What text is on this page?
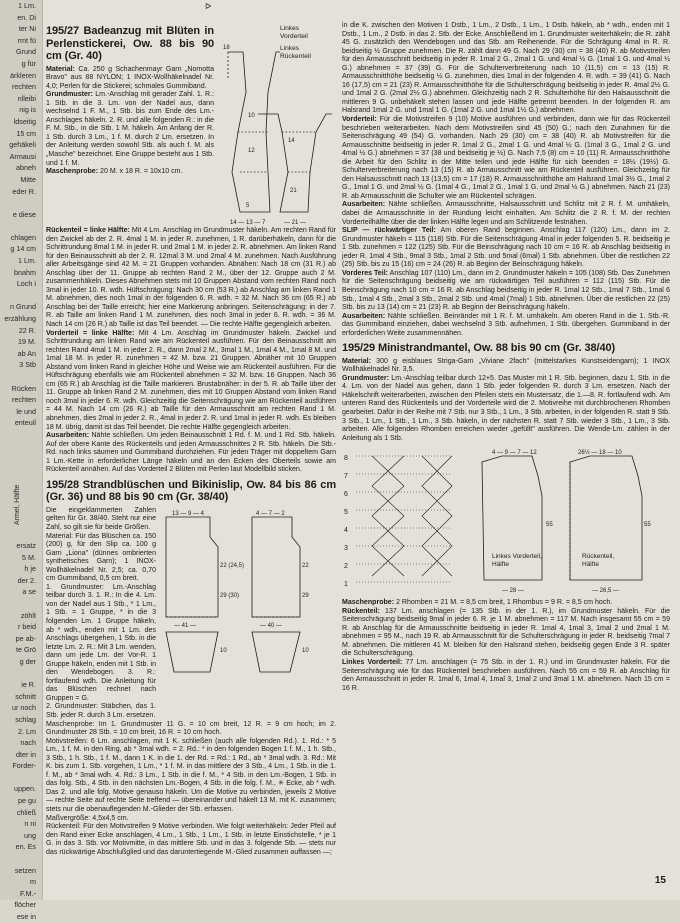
1 Lm.
en. Di
ter Ni
rmt fü
Grund
g für
ärkleren
rechten
nlleibi
nig is
ldseitig
15 cm
gehäkeli
Armausi
abneh
Mitte
eder R.

e diese

chlagen
g 14 cm
1 Lm.
bnahm
Loch i

n Grund
erzählung
22 R.
19 M.
ab An
3 Stb

Rücken
rechten
le und
enteuil
Armel, Hälfte
ersatz
5 M.
h je
der 2.
a se

zöhlt
r beid
pe ab-
te Grö
g der

ie R.
schnitt
ur noch
schlag
2. Lm
nach
dter in
Forder-

uppen.
pe gu
chließ
n ni
ung
en. Es

setzen
m
F.M.-
flöcher
ese in
ᐅ
195/27 Badeanzug mit Blüten in Perlenstickerei, Ow. 88 bis 90 cm (Gr. 40)

Material: Ca. 250 g Schachenmayr Garn „Nomotta Bravo" aus 88 NYLON; 1 INOX-Wollhäkelnadel Nr. 4,0; Perlen für die Stickerei; schmales Gummiband.

Grundmuster: Lm.-Anschlag mit gerader Zahl. 1. R.: 1 Stb. in die 3. Lm. von der Nadel aus, dann wechselnd 1 F. M., 1 Stb. bis zum Ende des Lm.-Anschlages häkeln. 2. R. und alle folgenden R.: in die F. M. Stb., in die Stb. 1 M. häkeln. Am Anfang der R. 1 Stb. durch 3 Lm., 1 f. M. durch 2 Lm. ersetzen. In der Anleitung werden sowohl Stb. als auch f. M. als „Masche" bezeichnet. Eine Gruppe besteht aus 1 Stb. und 1 f. M.

Maschenprobe: 20 M. x 18 R. = 10x10 cm.

18
10
12
5
14
21
14 — 13 — 7	— 21 —
Linkes
Vorderteil
Linkes
Rückenteil

Rückenteil = linke Hälfte: Mit 4 Lm. Anschlag im Grundmuster häkeln. Am rechten Rand für den Zwickel ab der 2. R. 4mal 1 M. in jeder R. zunehmen, 1 R. darüberhäkeln, dann für die Schrittrundung 8mal 1 M. in jeder R. und 2mal 1 M. in jeder 2. R. abnehmen. Am linken Rand für den Beinausschnitt ab der 2. R. 12mal 3 M. und 2mal 4 M. zunehmen. Nach Ausführung aller Arbeitsgänge sind 42 M. = 21 Gruppen vorhanden. Abnähen: Nach 18 cm (31 R.) ab Anschlag über der 11. Gruppe ab rechten Rand 2 M., über der 12. Gruppe auch 2 M. zusammenhäkeln. Dieses Abnehmen stets mit 10 Gruppen Abstand vom rechten Rand noch 3mal in jeder 10. R. wdh. Hüftschrägung: Nach 30 cm (53 R.) ab Anschlag am linken Rand 1 M. abnehmen, dies noch 1mal in der folgenden 6. R. wdh. = 32 M. Nach 36 cm (65 R.) ab Anschlag bei der Taille erreicht; hier eine Markierung anbringen. Seitenschrägung: in der 7. R. ab Taille am linken Rand 1 M. zunehmen, dies noch 3mal in jeder 6. R. wdh. = 36 M. Nach 14 cm (26 R.) ab Taille ist das Teil beendet. — Die rechte Hälfte gegengleich arbeiten.

Vorderteil = linke Hälfte: Mit 4 Lm. Anschlag im Grundmuster häkeln. Zwickel und Schrittrundung am linken Rand wie am Rückenteil ausführen. Für den Beinausschnitt am rechten Rand 4mal 1 M. in jeder 2. R., dann 2mal 2 M., 3mal 1 M., 1mal 4 M., 1mal 8 M. und 1mal 18 M. in jeder R. zunehmen = 42 M. bzw. 21 Gruppen. Abnäher mit 10 Gruppen Abstand vom linken Rand in gleicher Höhe und Weise wie am Rückenteil ausführen. Für die Hüftschrägung ebenfalls wie am Rückenteil abnehmen = 32 M. bzw. 16 Gruppen. Nach 36 cm (65 R.) ab Anschlag ist die Taille markieren. Brustabnäher: in der 5. R. ab Taille über der 11. Gruppe ab linken Rand 2 M. zunehmen, dies mit 10 Gruppen Abstand vom linken Rand noch 3mal in jeder 6. R. wdh. Gleichzeitig die Seitenschrägung wie am Rückenteil ausführen = 44 M. Nach 14 cm (26 R.) ab Taille für den Armausschnitt am rechten Rand 1 M. abnehmen, dies 2mal in jeder 2. R., 4mal in jeder 2. R. und 1mal in jeder R. wdh. Es bleiben 18 M. übrig, damit ist das Teil beendet. Die rechte Hälfte gegengleich arbeiten.

Ausarbeiten: Nähte schließen. Um jeden Beinausschnitt 1 Rd. f. M. und 1 Rd. Stb. häkeln. Auf der obere Kante des Rückenteils und jeden Armausschnittes 2 R. Stb. häkeln. Die Stb.-Rd. nach links säumen und Gummiband durchziehen. Für jeden Träger mit doppeltem Garn 1 Lm.-Kette in erforderlicher Länge häkeln und an den Ecken des Oberteils sowie am Rückenteil annähen. Auf das Vorderteil 2 Blüten mit Perlen laut Modellbild sticken.

195/28 Strandblüschen und Bikinislip, Ow. 84 bis 86 cm (Gr. 36) und 88 bis 90 cm (Gr. 38/40)

Die eingeklammerten Zahlen gelten für Gr. 38/40. Steht nur eine Zahl, so gilt sie für beide Größen.

Material: Für das Blüschen ca. 150 (200) g, für den Slip ca. 100 g Garn „Liona" (dünnes ombrierten synthetisches Garn); 1 INOX-Wollhäkelnadel Nr. 2,5; ca. 0,70 cm Gummiband, 0,5 cm breit.

1. Grundmuster: Lm.-Anschlag teilbar durch 3. 1. R.: In die 4. Lm. von der Nadel aus 1 Stb., * 1 Lm., 1 Stb. = 1 Gruppe, * in die 3 folgenden Lm. 1 Gruppe häkeln, ab * wdh., enden mit 1 Lm. des Anschlags übergehen, 1 Stb. in die letzte Lm. 2. R.: Mit 3 Lm. wenden, dann um jede Lm. der Vor-R. 1 Gruppe häkeln, enden mit 1 Stb. in den Wendebogen. 3. R.: fortlaufend wdh. Die Anleitung für das Blüschen rechnet nach Gruppen = G.

2. Grundmuster: Stäbchen, das 1. Stb. jeder R. durch 3 Lm. ersetzen.

13 — 9 — 4	4 — 7 — 2
22 (24,5)	22
29 (30)	29
— 41 —	— 40 —
10	10

Maschenprobe: Im 1. Grundmuster 11 G. = 10 cm breit, 12 R. = 9 cm hoch; im 2. Grundmuster 28 Stb. = 10 cm breit, 16 R. = 10 cm hoch.

Motivstreifen: 6 Lm. anschlagen, mit 1 K. schließen (auch alle folgenden Rd.). 1. Rd.: * 5 Lm., 1 f. M. in den Ring, ab * 3mal wdh. = 2. Rd.: * in den folgenden Bogen 1 f. M., 1 h. Stb., 3 Stb., 1 h. Stb., 1 f. M., dann 1 K. in die 1. der Rd. = Rd.: 1 Rd., ab * 3mal wdh. 3. Rd.: Mit K. bis zum 1. Stb. vorgehen, 1 Lm., * 1 f. M. in das mittlere der 3 Stb., 4 Lm., 1 Stb. in die 1. f. M., ab * 3mal wdh. 4. Rd.: 3 Lm., 1 Stb. in die f. M., * 4 Stb. in den Lm.-Bogen, 1 Stb. in das folg. Stb., 4 Stb. in den nächsten Lm.-Bogen, 4 Stb. in die folg. f. M., ✳ Ecke, ab * wdh. Das 2. und alle folg. Motive genauso häkeln. Um die Motive zu verbinden, jeweils 2 Motive — rechte Seite auf rechte Seite treffend — übereinander und häkelt 13 M. mit K. zusammen; stets nur die obenauflegenden M.-Glieder der Stb. erfassen.

Maßvergröße: 4,5x4,5 cm.

Rückenteil: Für den Motivstreifen 9 Motive verbinden. Wie folgt weiterhäkeln: Jeder Pfeil auf den Rand einer Ecke anschlagen, 4 Lm., 1 Stb., 1 Lm., 1 Stb. in letzte Einstichstelle, * je 1 G. in das 3. Stb. vor Motivmitte, in das mittlere Stb. und in das 3. folgende Stb. — stets nur das rückwärtige Abschlußglied und das daruntertiegende M.-Glied zusammen auffassen —;

in die K. zwischen den Motiven 1 Dstb., 1 Lm., 2 Dstb., 1 Lm., 1 Dstb. häkeln, ab * wdh., enden mit 1 Dstb., 1 Lm., 2 Dstb. in das 2. Stb. der Ecke. Anschließend im 1. Grundmuster weiterhäkeln; die R. zählt 45 G. zusätzlich den Wendebogen und das Stb. am Reihenende. Für die Schrägung 4mal in R. R. beidseitig ½ Gruppe zunehmen. Die R. zählt dann 49 G. Nach 29 (30) cm = 38 (40) R. ab Motivstreifen für den Armausschnitt beidseitig in jeder R. 1mal 2 G., 2mal 1 G. und 4mal ½ G. (1mal 1 G. und 4mal ½ G.) abnehmen = 37 (39) G. Für die Schulterverbreiterung nach 10 (11,5) cm = 13 (15) R. Armausschnitthöhe beidseitig ½ G. zunehmen, dies 1mal in der folgenden 4. R. wdh. = 39 (41) G. Nach 16 (17,5) cm = 21 (23) R. Armausschnitthöhe für die Schulterschrägung beidseitig in jeder R. 4mal 2½ G. und 1mal 2 G. (2mal 2½ G.) abnehmen. Gleichzeitig nach 2 R. Schulterhöhe für den Halsausschnitt die mittleren 9 G. unbehäkelt stehen lassen und jede Hälfte getrennt beenden. In der folgenden R. am Halsrand 1mal 2 G. und 1mal 1 G. (1mal 2 G. und 1mal 1½ G.) abnehmen.

Vorderteil: Für die Motivstreifen 9 (10) Motive ausführen und verbinden, dann wie für das Rückenteil beschrieben weiterarbeiten. Nach dem Motivstreifen sind 45 (50) G.; nach den Zunahmen für die Seitenschrägung 49 (54) G. vorhanden. Nach 29 (30) cm = 38 (40) R. ab Motivstreifen für die Armausschnitte beidseitig in jeder R. 1mal 2 G., 2mal 1 G. und 4mal ½ G. (1mal 3 G., 1mal 2 G. und 4mal ½ G.) abnehmen = 37 (38 und beidseitig je ½) G. Nach 7,5 (8) cm = 10 (11) R. Armausschnitthöhe die Arbeit für den Schlitz in der Mitte teilen und jede Hälfte für sich beenden = 18½ (19½) G. Schulterverbreiterung nach 13 (15) R. ab Armausschnitt wie am Rückenteil ausführen. Gleichzeitig für den Halsausschnitt nach 13 (13,5) cm = 17 (18) R. Armausschnitthöhe am Halsrand 1mal 3½ G., 1mal 2 G., 1mal 1 G. und 2mal ½ G. (1mal 4 G., 1mal 2 G., 1mal 1 G. und 2mal ½ G.) abnehmen. Nach 21 (23) R. ab Armausschnitt die Schulter wie am Rückenteil schrägen.

Ausarbeiten: Nähte schließen. Armausschnitte, Halsausschnitt und Schlitz mit 2 R. f. M. umhäkeln, dabei die Armausschnitte in der Rundung leicht einhalten. Am Schlitz die 2 R. f. M. der rechten Vorderteilhälfte über die der linken Hälfte legen und am Schlitzende festnähen.

SLIP — rückwärtiger Teil: Am oberen Rand beginnen. Anschlag 117 (120) Lm., dann im 2. Grundmuster häkeln = 115 (118) Stb. Für die Seitenschrägung 4mal in jeder folgenden 5. R. beidseitig je 1 Stb. zunehmen = 122 (125) Stb. Für die Beinschrägung nach 10 cm = 16 R. ab Anschlag beidseitig in jeder R. 1mal 4 Stb., 9mal 3 Stb., 1mal 2 Stb. und 5mal (6mal) 1 Stb. abnehmen. Über die restlichen 22 (25) Stb. bis zu 15 (16) cm = 24 (26) R. ab Beginn der Beinschrägung häkeln.

Vorderes Teil: Anschlag 107 (110) Lm., dann im 2. Grundmuster häkeln = 105 (108) Stb. Das Zunehmen für die Seitenschrägung beidseitig wie am rückwärtigen Teil ausführen = 112 (115) Stb. Für die Beinschrägung nach 10 cm = 16 R. ab Anschlag beidseitig in jeder R. 1mal 12 Stb., 1mal 7 Stb., 1mal 6 Stb., 1mal 4 Stb., 2mal 3 Stb., 2mal 2 Stb. und 4mal (7mal) 1 Stb. abnehmen. Über die restlichen 22 (25) Stb. bis zu 13 (14) cm = 21 (23) R. ab Beginn der Beinschrägung häkeln.

Ausarbeiten: Nähte schließen. Beinränder mit 1 R. f. M. umhäkeln. Am oberen Rand in die 1. Stb.-R. das Gummiband einziehen, dabei wechselnd 3 Stb. aufnehmen, 1 Stb. übergehen. Gummiband in der erforderlichen Weite zusammennähen.

195/29 Ministrandmantel, Ow. 88 bis 90 cm (Gr. 38/40)

Material: 300 g eisblaues Striga-Garn „Viviane 2fach" (mittelstarkes Kunstseidengarn); 1 INOX Wollhäkelnadel Nr. 3,5.

Grundmuster: Lm.-Anschlag teilbar durch 12+5. Das Muster mit 1 R. Stb. beginnen, dazu 1. Stb. in die 4. Lm. von der Nadel aus gehen, dann 1 Stb. jeder folgenden R. durch 3 Lm. ersetzen. Nach der Häkelschrift weiterarbeiten, zwischen den Pfeilen stets ein Mustersatz, die 1.—8. R. fortlaufend wdh. Am unteren Rand des Rückenteils und der Vorderteile wird die 2. Motivreihe mit durchbrochenen Rhomben gearbeitet. Dafür in der Reihe mit 7 Stb. nur 3 Stb., 1 Lm., 3 Stb. arbeiten, in der folgenden R. statt 9 Stb. 3 Stb., 1 Lm., 1 Stb., 1 Lm., 3 Stb. häkeln, in der nächsten R. statt 7 Stb. wieder 3 Stb., 1 Lm., 3 Stb. arbeiten. Alle folgenden Rhomben erreichen wieder „gefüllt" ausführen. Die Wende-Lm. zählen in der Anleitung als 1 Stb.

8
7
6
5
4
3
2
1
4 — 9 — 7 — 12	26½ — 18 — 10
55	55
— 28 —	— 26,5 —
Linkes Vorderteil,
Hälfte
Rückenteil,
Hälfte

Maschenprobe: 2 Rhomben = 21 M. = 8,5 cm breit, 1 Rhombus = 9 R. = 8,5 cm hoch.

Rückenteil: 137 Lm. anschlagen (= 135 Stb. in der 1. R.), im Grundmuster häkeln. Für die Seitenschrägung beidseitig 9mal in jeder 6. R. je 1 M. abnehmen = 117 M. Nach insgesamt 55 cm = 59 R. ab Anschlag für die Armausschnitte beidseitig in jeder R. 1mal 4, 1mal 3, 1mal 2 und 2mal 1 M. abnehmen = 95 M., nach 19 R. ab Armausschnitt für die Schulterschrägung in jeder R. beidseitig 7mal 7 M. abnehmen. Die mittleren 41 M. bleiben für den Halsrand stehen, beidseitig gegen Ende 3 R. später die Schulterschrägung.

Linkes Vorderteil: 77 Lm. anschlagen (= 75 Stb. in der 1. R.) und im Grundmuster häkeln. Für die Seitenschrägung wie für das Rückenteil beschrieben ausführen. Nach 55 cm = 59 R. ab Anschlag für den Armausschnitt in jeder R. 1mal 6, 1mal 4, 1mal 3, 1mal 2 und 3mal 1 M. abnehmen. Nach 15 cm = 16 R.

15
